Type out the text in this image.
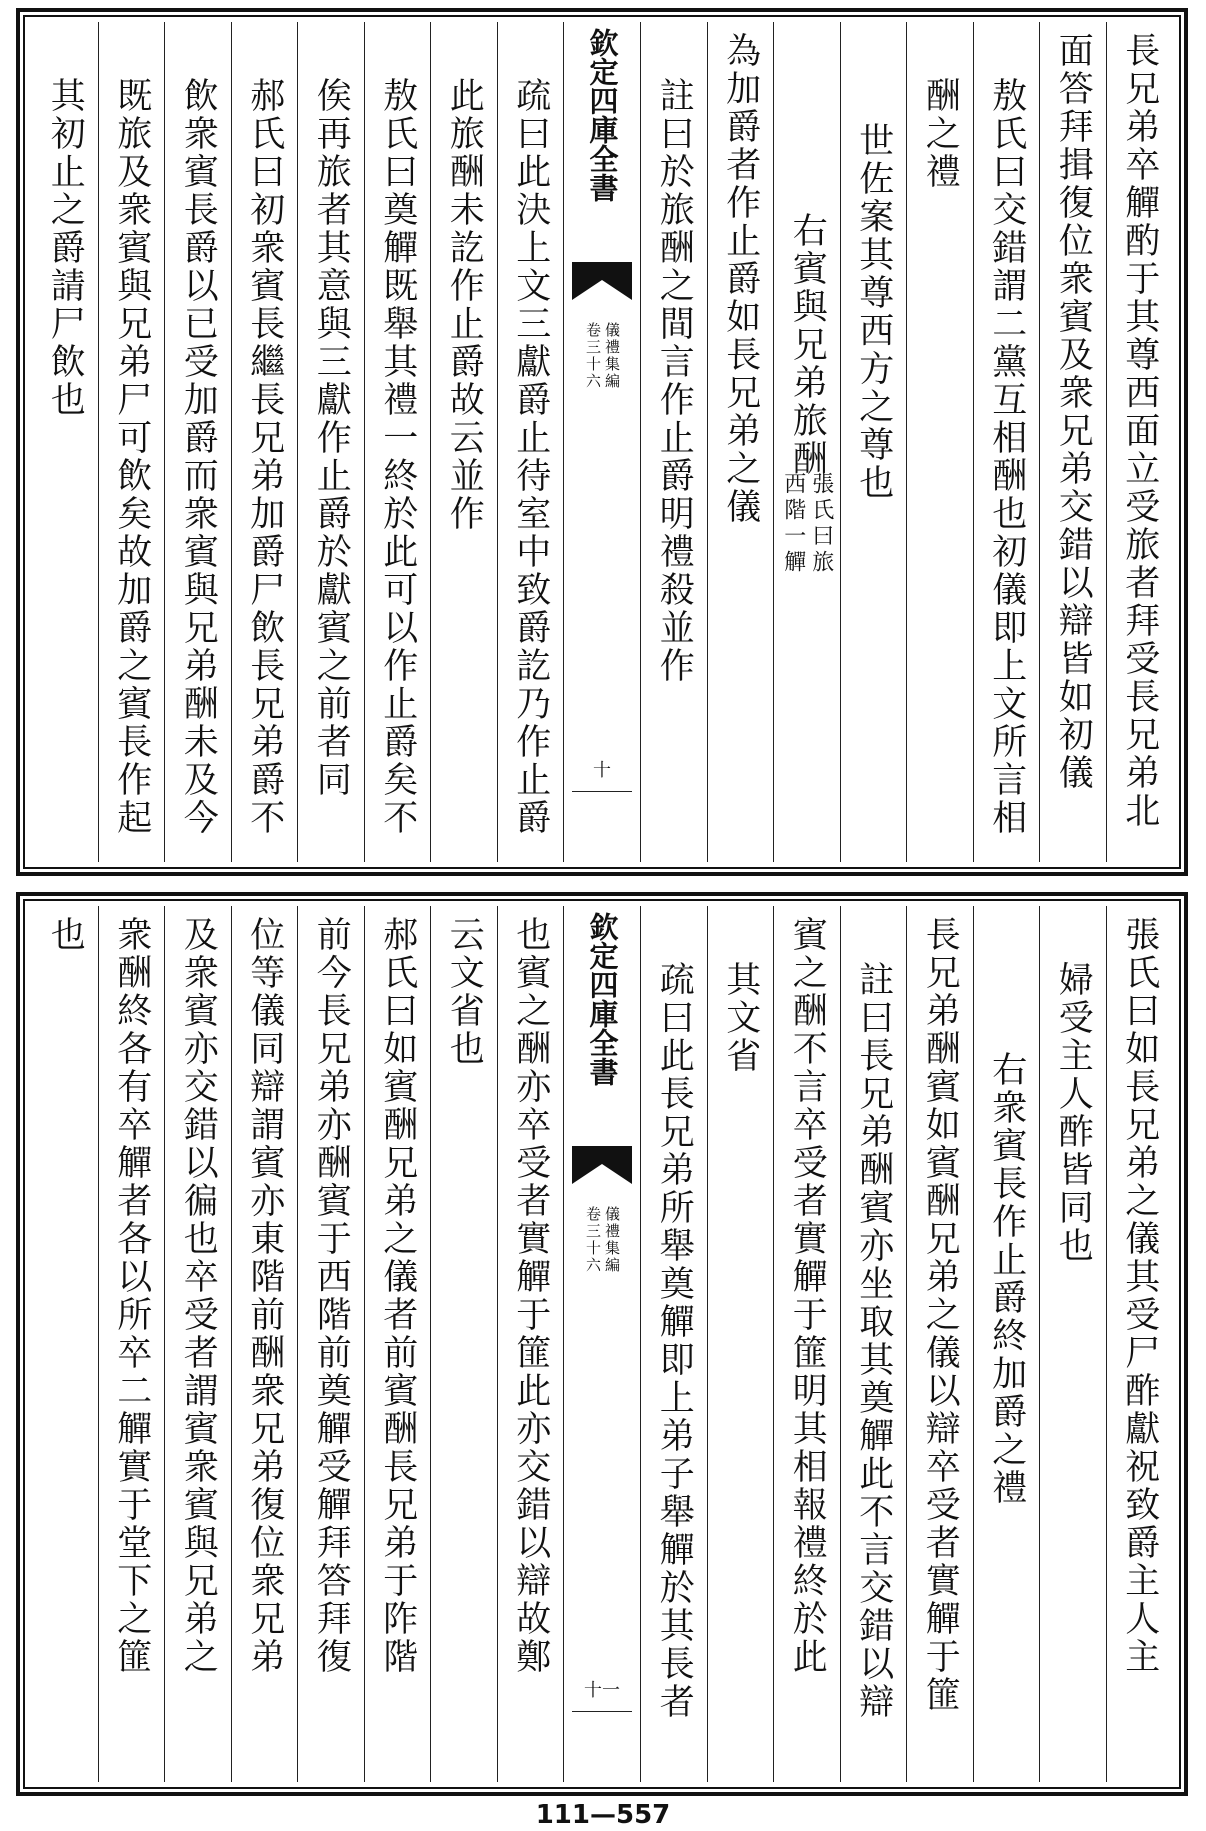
長兄弟卒觶酌于其尊西面立受旅者拜受長兄弟北
面答拜揖復位衆賓及衆兄弟交錯以辯皆如初儀
敖氏曰交錯謂二黨互相酬也初儀即上文所言相
酬之禮
世佐案其尊西方之尊也
右賓與兄弟旅酬
張氏曰旅
西階一觶
為加爵者作止爵如長兄弟之儀
註曰於旅酬之間言作止爵明禮殺並作
欽定四庫全書
儀禮集編
卷三十六
十
疏曰此決上文三獻爵止待室中致爵訖乃作止爵
此旅酬未訖作止爵故云並作
敖氏曰奠觶既舉其禮一終於此可以作止爵矣不
俟再旅者其意與三獻作止爵於獻賓之前者同
郝氏曰初衆賓長繼長兄弟加爵尸飲長兄弟爵不
飲衆賓長爵以已受加爵而衆賓與兄弟酬未及今
既旅及衆賓與兄弟尸可飲矣故加爵之賓長作起
其初止之爵請尸飲也
張氏曰如長兄弟之儀其受尸酢獻祝致爵主人主
婦受主人酢皆同也
右衆賓長作止爵終加爵之禮
長兄弟酬賓如賓酬兄弟之儀以辯卒受者實觶于篚
註曰長兄弟酬賓亦坐取其奠觶此不言交錯以辯
賓之酬不言卒受者實觶于篚明其相報禮終於此
其文省
疏曰此長兄弟所舉奠觶即上弟子舉觶於其長者
欽定四庫全書
儀禮集編
卷三十六
十一
也賓之酬亦卒受者實觶于篚此亦交錯以辯故鄭
云文省也
郝氏曰如賓酬兄弟之儀者前賓酬長兄弟于阼階
前今長兄弟亦酬賓于西階前奠觶受觶拜答拜復
位等儀同辯謂賓亦東階前酬衆兄弟復位衆兄弟
及衆賓亦交錯以徧也卒受者謂賓衆賓與兄弟之
衆酬終各有卒觶者各以所卒二觶實于堂下之篚
也
111—557
